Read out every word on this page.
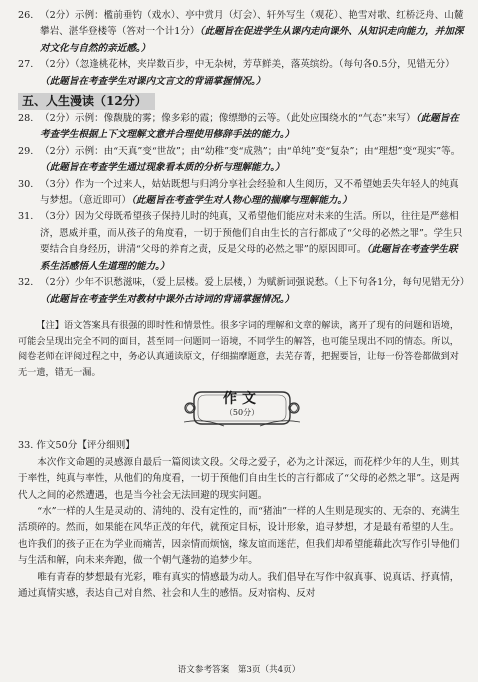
26. （2分）示例：檻前垂钓（戏水）、亭中赏月（灯会）、轩外写生（观花）、艳雪对歌、红桥泛舟、山麓攀岩、湛华登楼等（答对一个计1分）（此题旨在促进学生从课内走向课外、从知识走向能力，并加深对文化与自然的亲近感。）
27. （2分）（忽逢桃花林，夹岸数百步，中无杂树，芳草鲜美，落英缤纷。（每句各0.5分，见错无分）（此题旨在考查学生对课内文言文的背诵掌握情况。）
五、人生漫读（12分）
28. （2分）示例：像馥胧的雾；像多彩的霞；像缥缈的云等。（此处应围绕水的“气态”来写）（此题旨在考查学生根据上下文理解文意并合理使用修辞手法的能力。）
29. （2分）示例：由“天真”变“世故”；由“幼稚”变“成熟”；由“单纯”变“复杂”；由“理想”变“现实”等。（此题旨在考查学生通过现象看本质的分析与理解能力。）
30. （3分）作为一个过来人，姑姑既想与归鸿分享社会经验和人生阅历，又不希望她丢失年轻人的纯真与梦想。（意近即可）（此题旨在考查学生对人物心理的揣摩与理解能力。）
31. （3分）因为父母既希望孩子保持儿时的纯真，又希望他们能应对未来的生活。所以，往往是严慈相济，恩威并重，而从孩子的角度看，一切于预他们自由生长的言行都成了“父母的必然之罪”。学生只要结合自身经历，讲清“父母的养育之责，反是父母的必然之罪”的原因即可。（此题旨在考查学生联系生活感悟人生道理的能力。）
32. （2分）少年不识愁滋味，（爱上层楼。爱上层楼，）为赋新词强说愁。（上下句各1分，每句见错无分）（此题旨在考查学生对教材中课外古诗词的背诵掌握情况。）
【注】语文答案具有很强的即时性和情景性。很多字词的理解和文章的解读，离开了现有的问题和语境，可能会呈现出完全不同的面目，甚至同一问题同一语境，不同学生的解答，也可能呈现出不同的情态。所以，阅卷老师在评阅过程之中，务必认真通读原文，仔细揣摩题意，去芜存菁，把握要旨，让每一份答卷都做到对无一遗，错无一漏。
作文
（50分）
33. 作文50分【评分细则】
本次作文命题的灵感源自最后一篇阅读文段。父母之爱子，必为之计深远，而花样少年的人生，则其于率性，纯真与率性，从他们的角度看，一切于预他们自由生长的言行都成了“父母的必然之罪”。这是两代人之间的必然遭遇，也是当今社会无法回避的现实问题。
“水”一样的人生是灵动的、清纯的、没有定性的，而“猪油”一样的人生则是现实的、无奈的、充满生活琐碎的。然而，如果能在风华正茂的年代，就预定目标，设计形象，追寻梦想，才是最有希望的人生。也许我们的孩子正在为学业而痛苦，因亲情而烦恼，缘友谊而迷茫，但我们却希望能藉此次写作引导他们与生活和解，向未来奔跑，做一个朝气蓬勃的追梦少年。
唯有青春的梦想最有光彩，唯有真实的情感最为动人。我们倡导在写作中叙真事、说真话、抒真情，通过真情实感，表达自己对自然、社会和人生的感悟。反对宿构、反对
语文参考答案　第3页（共4页）
